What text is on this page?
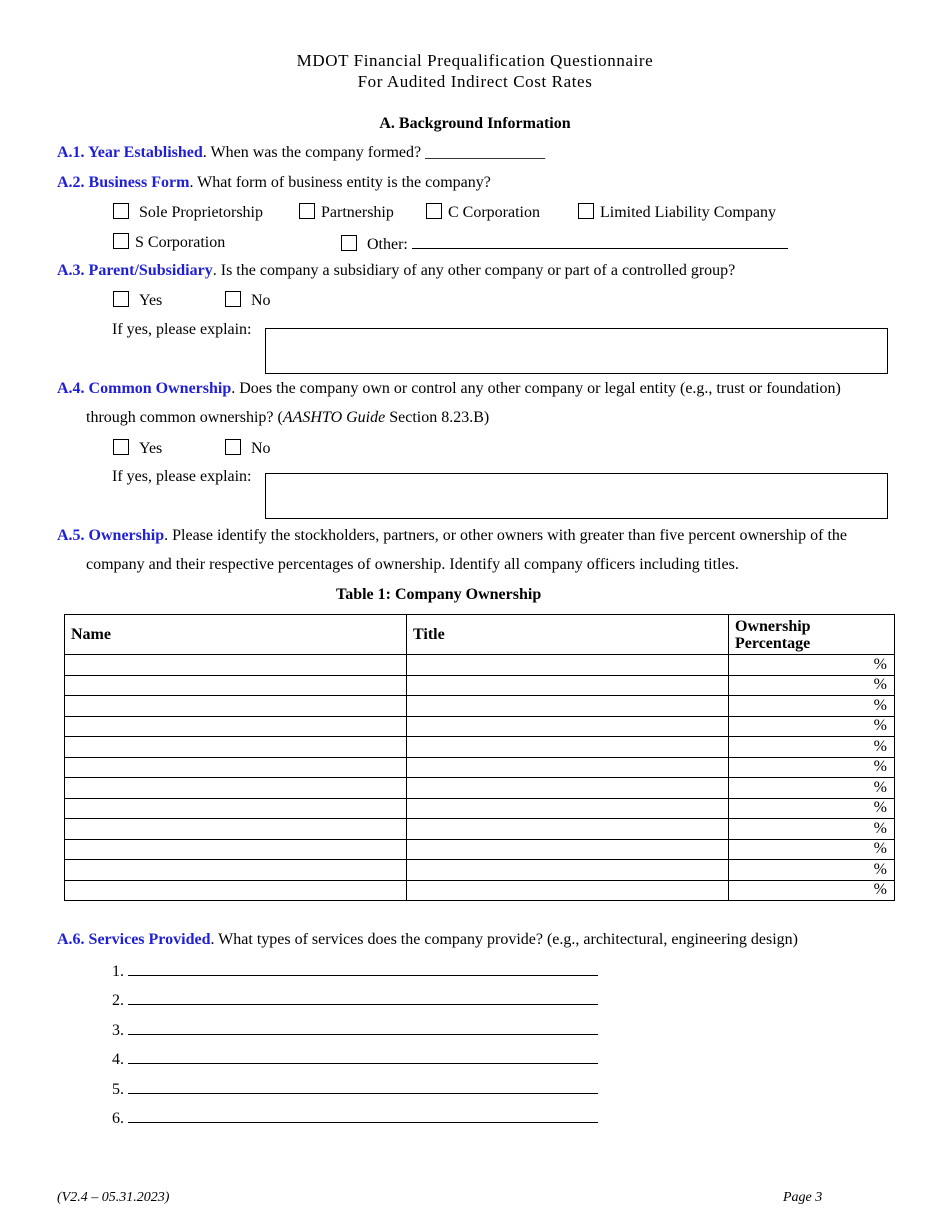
MDOT Financial Prequalification Questionnaire
For Audited Indirect Cost Rates
A. Background Information
A.1. Year Established. When was the company formed? _______________
A.2. Business Form. What form of business entity is the company?
Sole Proprietorship	Partnership	C Corporation	Limited Liability Company
S Corporation	Other:
A.3. Parent/Subsidiary. Is the company a subsidiary of any other company or part of a controlled group?
Yes	No
If yes, please explain:
A.4. Common Ownership. Does the company own or control any other company or legal entity (e.g., trust or foundation)
through common ownership? (AASHTO Guide Section 8.23.B)
Yes	No
If yes, please explain:
A.5. Ownership. Please identify the stockholders, partners, or other owners with greater than five percent ownership of the
company and their respective percentages of ownership. Identify all company officers including titles.
Table 1: Company Ownership
Name	Title	Ownership Percentage
		%
		%
		%
		%
		%
		%
		%
		%
		%
		%
		%
		%
A.6. Services Provided. What types of services does the company provide? (e.g., architectural, engineering design)
1.
2.
3.
4.
5.
6.
(V2.4 – 05.31.2023)	Page 3
